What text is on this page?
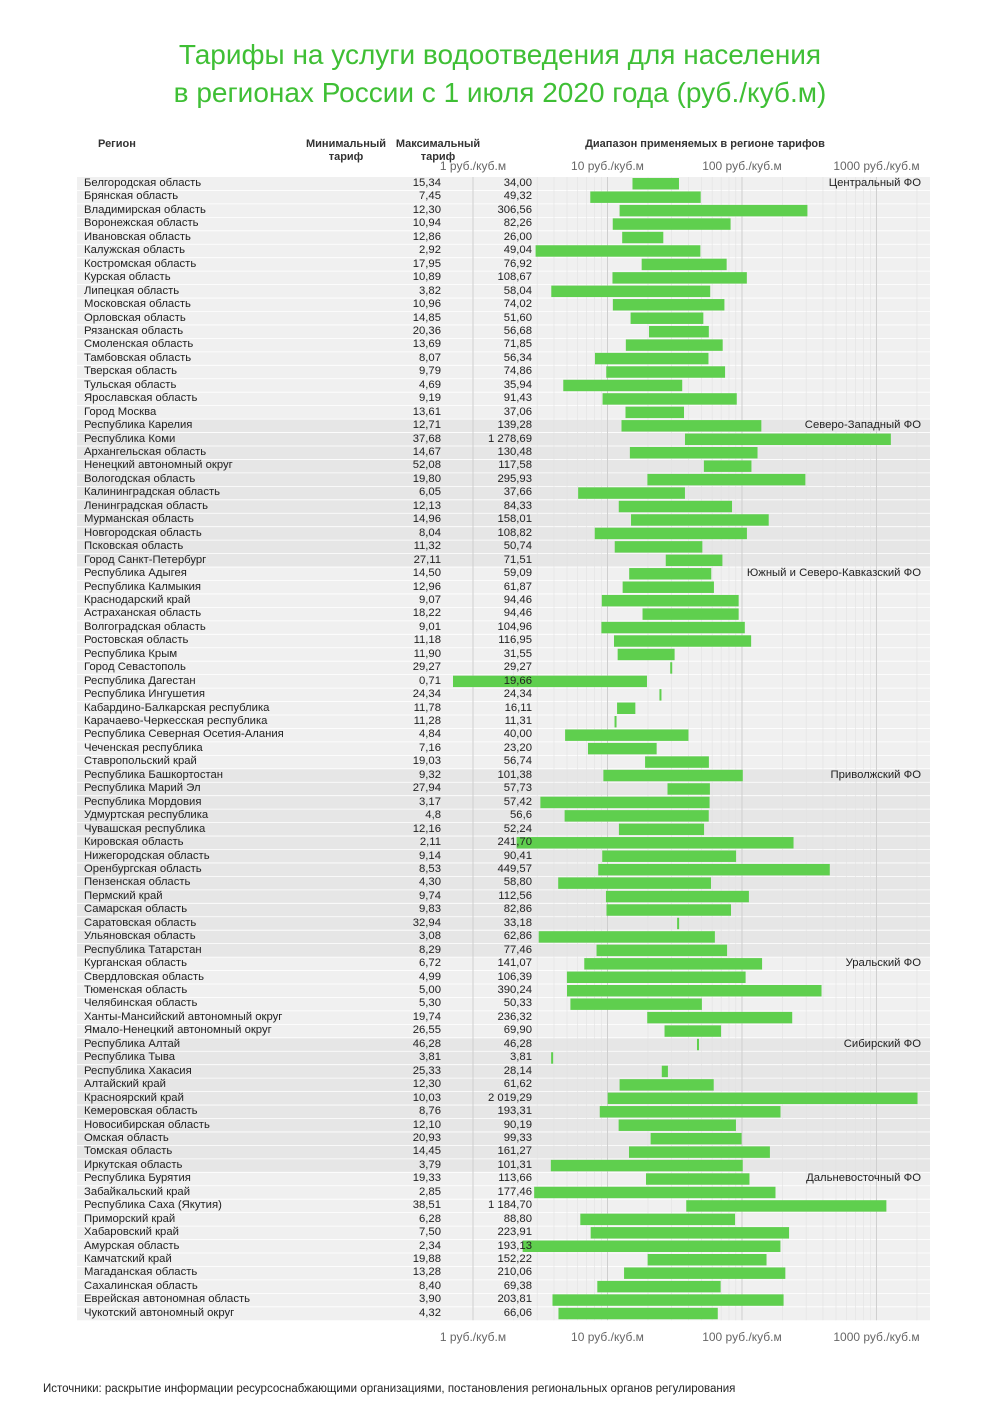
Тарифы на услуги водоотведения для населения
в регионах России с 1 июля 2020 года (руб./куб.м)
Регион	Минимальный
тариф
Максимальный
тариф
Диапазон применяемых в регионе тарифов
1 руб./куб.м	10 руб./куб.м	100 руб./куб.м	1000 руб./куб.м
1 руб./куб.м	10 руб./куб.м	100 руб./куб.м	1000 руб./куб.м
Белгородская область	15,34	34,00
Брянская область	7,45	49,32
Владимирская область	12,30	306,56
Воронежская область	10,94	82,26
Ивановская область	12,86	26,00
Калужская область	2,92	49,04
Костромская область	17,95	76,92
Курская область	10,89	108,67
Липецкая область	3,82	58,04
Московская область	10,96	74,02
Орловская область	14,85	51,60
Рязанская область	20,36	56,68
Смоленская область	13,69	71,85
Тамбовская область	8,07	56,34
Тверская область	9,79	74,86
Тульская область	4,69	35,94
Ярославская область	9,19	91,43
Город Москва	13,61	37,06
Республика Карелия	12,71	139,28
Республика Коми	37,68	1 278,69
Архангельская область	14,67	130,48
Ненецкий автономный округ	52,08	117,58
Вологодская область	19,80	295,93
Калининградская область	6,05	37,66
Ленинградская область	12,13	84,33
Мурманская область	14,96	158,01
Новгородская область	8,04	108,82
Псковская область	11,32	50,74
Город Санкт-Петербург	27,11	71,51
Республика Адыгея	14,50	59,09
Республика Калмыкия	12,96	61,87
Краснодарский край	9,07	94,46
Астраханская область	18,22	94,46
Волгоградская область	9,01	104,96
Ростовская область	11,18	116,95
Республика Крым	11,90	31,55
Город Севастополь	29,27	29,27
Республика Дагестан	0,71	19,66
Республика Ингушетия	24,34	24,34
Кабардино-Балкарская республика	11,78	16,11
Карачаево-Черкесская республика	11,28	11,31
Республика Северная Осетия-Алания	4,84	40,00
Чеченская республика	7,16	23,20
Ставропольский край	19,03	56,74
Республика Башкортостан	9,32	101,38
Республика Марий Эл	27,94	57,73
Республика Мордовия	3,17	57,42
Удмуртская республика	4,8	56,6
Чувашская республика	12,16	52,24
Кировская область	2,11	241,70
Нижегородская область	9,14	90,41
Оренбургская область	8,53	449,57
Пензенская область	4,30	58,80
Пермский край	9,74	112,56
Самарская область	9,83	82,86
Саратовская область	32,94	33,18
Ульяновская область	3,08	62,86
Республика Татарстан	8,29	77,46
Курганская область	6,72	141,07
Свердловская область	4,99	106,39
Тюменская область	5,00	390,24
Челябинская область	5,30	50,33
Ханты-Мансийский автономный округ	19,74	236,32
Ямало-Ненецкий автономный округ	26,55	69,90
Республика Алтай	46,28	46,28
Республика Тыва	3,81	3,81
Республика Хакасия	25,33	28,14
Алтайский край	12,30	61,62
Красноярский край	10,03	2 019,29
Кемеровская область	8,76	193,31
Новосибирская область	12,10	90,19
Омская область	20,93	99,33
Томская область	14,45	161,27
Иркутская область	3,79	101,31
Республика Бурятия	19,33	113,66
Забайкальский край	2,85	177,46
Республика Саха (Якутия)	38,51	1 184,70
Приморский край	6,28	88,80
Хабаровский край	7,50	223,91
Амурская область	2,34	193,13
Камчатский край	19,88	152,22
Магаданская область	13,28	210,06
Сахалинская область	8,40	69,38
Еврейская автономная область	3,90	203,81
Чукотский автономный округ	4,32	66,06
Источники: раскрытие информации ресурсоснабжающими организациями, постановления региональных органов регулирования
Центральный ФО
Северо-Западный ФО
Южный и Северо-Кавказский ФО
Приволжский ФО
Уральский ФО
Сибирский ФО
Дальневосточный ФО
